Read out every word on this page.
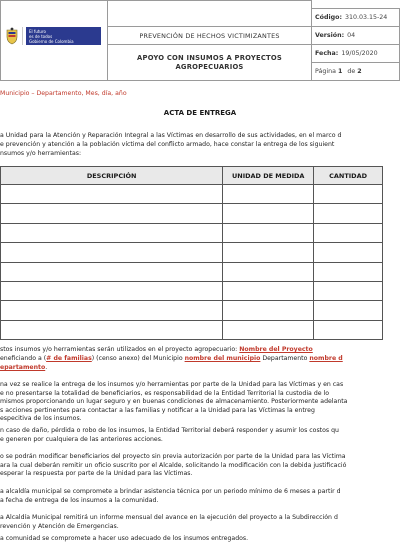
El futuro
es de todos
Gobierno de Colombia
ACTA DE ENTREGA DE INSUMOS PROYECTOS AGROPECUARIOS
PREVENCIÓN DE HECHOS VICTIMIZANTES
APOYO CON INSUMOS A PROYECTOS AGROPECUARIOS
Código: 310.03.15-24
Versión: 04
Fecha: 19/05/2020
Página
1
de
2
Municipio – Departamento, Mes, día, año
ACTA DE ENTREGA
a Unidad para la Atención y Reparación Integral a las Víctimas en desarrollo de sus actividades, en el marco d
e prevención y atención a la población víctima del conflicto armado, hace constar la entrega de los siguient
nsumos y/o herramientas:
DESCRIPCIÓN	UNIDAD DE MEDIDA	CANTIDAD

stos insumos y/o herramientas serán utilizados en el proyecto agropecuario: Nombre del Proyecto
eneficiando a (# de familias) (censo anexo) del Municipio nombre del municipio Departamento nombre d
epartamento.
na vez se realice la entrega de los insumos y/o herramientas por parte de la Unidad para las Víctimas y en cas
e no presentarse la totalidad de beneficiarios, es responsabilidad de la Entidad Territorial la custodia de lo
mismos proporcionando un lugar seguro y en buenas condiciones de almacenamiento. Posteriormente adelanta
s acciones pertinentes para contactar a las familias y notificar a la Unidad para las Víctimas la entreg
especitiva de los insumos.
n caso de daño, pérdida o robo de los insumos, la Entidad Territorial deberá responder y asumir los costos qu
e generen por cualquiera de las anteriores acciones.
o se podrán modificar beneficiarios del proyecto sin previa autorización por parte de la Unidad para las Víctima
ara la cual deberán remitir un oficio suscrito por el Alcalde, solicitando la modificación con la debida justificació
esperar la respuesta por parte de la Unidad para las Víctimas.
a alcaldía municipal se compromete a brindar asistencia técnica por un periodo mínimo de 6 meses a partir d
a fecha de entrega de los insumos a la comunidad.
a Alcaldía Municipal remitirá un informe mensual del avance en la ejecución del proyecto a la Subdirección d
revención y Atención de Emergencias.
a comunidad se compromete a hacer uso adecuado de los insumos entregados.
